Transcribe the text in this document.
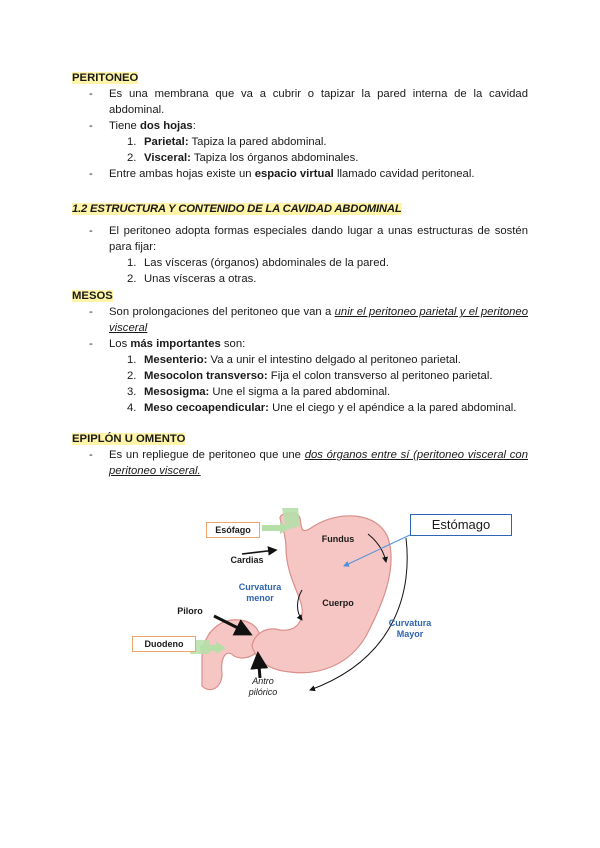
PERITONEO
- Es una membrana que va a cubrir o tapizar la pared interna de la cavidad abdominal.
- Tiene dos hojas:
1. Parietal: Tapiza la pared abdominal.
2. Visceral: Tapiza los órganos abdominales.
- Entre ambas hojas existe un espacio virtual llamado cavidad peritoneal.
1.2 ESTRUCTURA Y CONTENIDO DE LA CAVIDAD ABDOMINAL
- El peritoneo adopta formas especiales dando lugar a unas estructuras de sostén para fijar:
1. Las vísceras (órganos) abdominales de la pared.
2. Unas vísceras a otras.
MESOS
- Son prolongaciones del peritoneo que van a unir el peritoneo parietal y el peritoneo visceral
- Los más importantes son:
1. Mesenterio: Va a unir el intestino delgado al peritoneo parietal.
2. Mesocolon transverso: Fija el colon transverso al peritoneo parietal.
3. Mesosigma: Une el sigma a la pared abdominal.
4. Meso cecoapendicular: Une el ciego y el apéndice a la pared abdominal.
EPIPLÓN U OMENTO
- Es un repliegue de peritoneo que une dos órganos entre sí (peritoneo visceral con peritoneo visceral.
Esófago
Cardias
Fundus
Estómago
Curvatura menor	Cuerpo
Piloro
Curvatura Mayor
Duodeno
Antro pilórico
